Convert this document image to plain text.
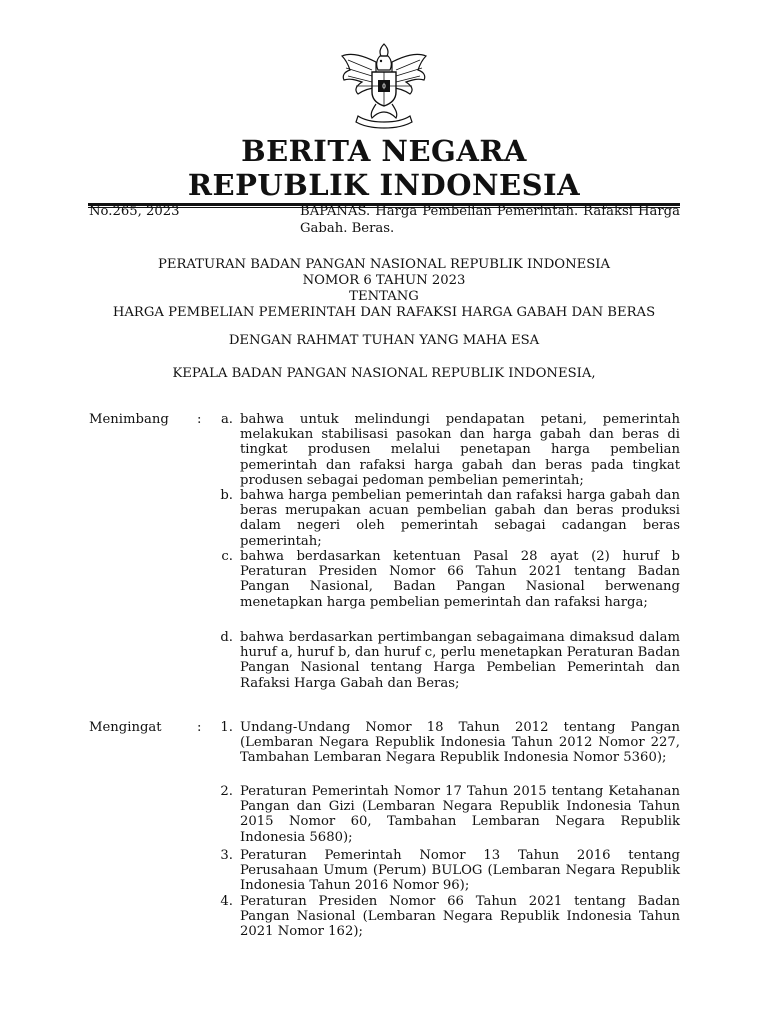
BERITA NEGARA
REPUBLIK INDONESIA
No.265, 2023	BAPANAS. Harga Pembelian Pemerintah. Rafaksi Harga Gabah. Beras.
PERATURAN BADAN PANGAN NASIONAL REPUBLIK INDONESIA
NOMOR 6 TAHUN 2023
TENTANG
HARGA PEMBELIAN PEMERINTAH DAN RAFAKSI HARGA GABAH DAN BERAS
DENGAN RAHMAT TUHAN YANG MAHA ESA
KEPALA BADAN PANGAN NASIONAL REPUBLIK INDONESIA,
Menimbang : a. bahwa untuk melindungi pendapatan petani, pemerintah melakukan stabilisasi pasokan dan harga gabah dan beras di tingkat produsen melalui penetapan harga pembelian pemerintah dan rafaksi harga gabah dan beras pada tingkat produsen sebagai pedoman pembelian pemerintah;
b. bahwa harga pembelian pemerintah dan rafaksi harga gabah dan beras merupakan acuan pembelian gabah dan beras produksi dalam negeri oleh pemerintah sebagai cadangan beras pemerintah;
c. bahwa berdasarkan ketentuan Pasal 28 ayat (2) huruf b Peraturan Presiden Nomor 66 Tahun 2021 tentang Badan Pangan Nasional, Badan Pangan Nasional berwenang menetapkan harga pembelian pemerintah dan rafaksi harga;
d. bahwa berdasarkan pertimbangan sebagaimana dimaksud dalam huruf a, huruf b, dan huruf c, perlu menetapkan Peraturan Badan Pangan Nasional tentang Harga Pembelian Pemerintah dan Rafaksi Harga Gabah dan Beras;
Mengingat	: 1. Undang-Undang Nomor 18 Tahun 2012 tentang Pangan (Lembaran Negara Republik Indonesia Tahun 2012 Nomor 227, Tambahan Lembaran Negara Republik Indonesia Nomor 5360);
2. Peraturan Pemerintah Nomor 17 Tahun 2015 tentang Ketahanan Pangan dan Gizi (Lembaran Negara Republik Indonesia Tahun 2015 Nomor 60, Tambahan Lembaran Negara Republik Indonesia 5680);
3. Peraturan Pemerintah Nomor 13 Tahun 2016 tentang Perusahaan Umum (Perum) BULOG (Lembaran Negara Republik Indonesia Tahun 2016 Nomor 96);
4. Peraturan Presiden Nomor 66 Tahun 2021 tentang Badan Pangan Nasional (Lembaran Negara Republik Indonesia Tahun 2021 Nomor 162);
